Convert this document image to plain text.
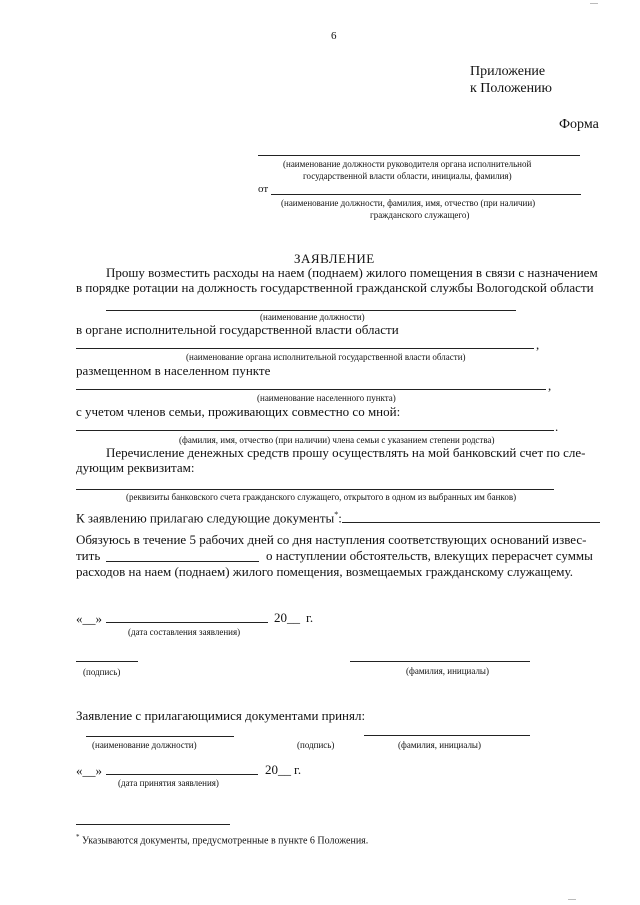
6
Приложение
к Положению
Форма
(наименование должности руководителя органа исполнительной
государственной власти области, инициалы, фамилия)
от
(наименование должности, фамилия, имя, отчество (при наличии)
гражданского служащего)
ЗАЯВЛЕНИЕ
Прошу возместить расходы на наем (поднаем) жилого помещения в связи с назначением
в порядке ротации на должность государственной гражданской службы Вологодской области
(наименование должности)
в органе исполнительной государственной власти области
,
(наименование органа исполнительной государственной власти области)
размещенном в населенном пункте
,
(наименование населенного пункта)
с учетом членов семьи, проживающих совместно со мной:
.
(фамилия, имя, отчество (при наличии) члена семьи с указанием степени родства)
Перечисление денежных средств прошу осуществлять на мой банковский счет по сле-
дующим реквизитам:
(реквизиты банковского счета гражданского служащего, открытого в одном из выбранных им банков)
К заявлению прилагаю следующие документы*:
Обязуюсь в течение 5 рабочих дней со дня наступления соответствующих оснований извес-
тить	о наступлении обстоятельств, влекущих перерасчет суммы
расходов на наем (поднаем) жилого помещения, возмещаемых гражданскому служащему.
«__»	20__ г.
(дата составления заявления)
(подпись)	(фамилия, инициалы)
Заявление с прилагающимися документами принял:
(наименование должности)	(подпись)	(фамилия, инициалы)
«__»	20__ г.
(дата принятия заявления)
* Указываются документы, предусмотренные в пункте 6 Положения.
